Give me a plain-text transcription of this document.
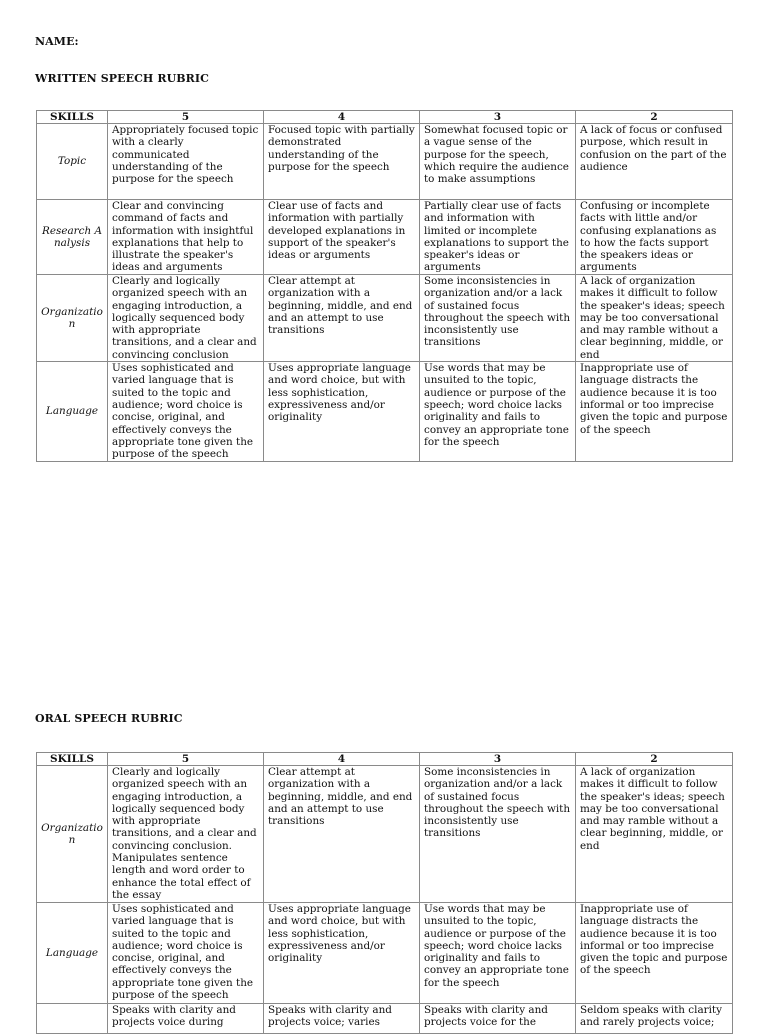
NAME:

WRITTEN SPEECH RUBRIC

SKILLS	5	4	3	2
Topic	Appropriately focused topic with a clearly communicated understanding of the purpose for the speech	Focused topic with partially demonstrated understanding of the purpose for the speech	Somewhat focused topic or a vague sense of the purpose for the speech, which require the audience to make assumptions	A lack of focus or confused purpose, which result in confusion on the part of the audience
Research Analysis	Clear and convincing command of facts and information with insightful explanations that help to illustrate the speaker's ideas and arguments	Clear use of facts and information with partially developed explanations in support of the speaker's ideas or arguments	Partially clear use of facts and information with limited or incomplete explanations to support the speaker's ideas or arguments	Confusing or incomplete facts with little and/or confusing explanations as to how the facts support the speakers ideas or arguments
Organization	Clearly and logically organized speech with an engaging introduction, a logically sequenced body with appropriate transitions, and a clear and convincing conclusion	Clear attempt at organization with a beginning, middle, and end and an attempt to use transitions	Some inconsistencies in organization and/or a lack of sustained focus throughout the speech with inconsistently use transitions	A lack of organization makes it difficult to follow the speaker's ideas; speech may be too conversational and may ramble without a clear beginning, middle, or end
Language	Uses sophisticated and varied language that is suited to the topic and audience; word choice is concise, original, and effectively conveys the appropriate tone given the purpose of the speech	Uses appropriate language and word choice, but with less sophistication, expressiveness and/or originality	Use words that may be unsuited to the topic, audience or purpose of the speech; word choice lacks originality and fails to convey an appropriate tone for the speech	Inappropriate use of language distracts the audience because it is too informal or too imprecise given the topic and purpose of the speech

ORAL SPEECH RUBRIC

SKILLS	5	4	3	2
Organization	Clearly and logically organized speech with an engaging introduction, a logically sequenced body with appropriate transitions, and a clear and convincing conclusion. Manipulates sentence length and word order to enhance the total effect of the essay	Clear attempt at organization with a beginning, middle, and end and an attempt to use transitions	Some inconsistencies in organization and/or a lack of sustained focus throughout the speech with inconsistently use transitions	A lack of organization makes it difficult to follow the speaker's ideas; speech may be too conversational and may ramble without a clear beginning, middle, or end
Language	Uses sophisticated and varied language that is suited to the topic and audience; word choice is concise, original, and effectively conveys the appropriate tone given the purpose of the speech	Uses appropriate language and word choice, but with less sophistication, expressiveness and/or originality	Use words that may be unsuited to the topic, audience or purpose of the speech; word choice lacks originality and fails to convey an appropriate tone for the speech	Inappropriate use of language distracts the audience because it is too informal or too imprecise given the topic and purpose of the speech
	Speaks with clarity and projects voice during	Speaks with clarity and projects voice; varies	Speaks with clarity and projects voice for the	Seldom speaks with clarity and rarely projects voice;
